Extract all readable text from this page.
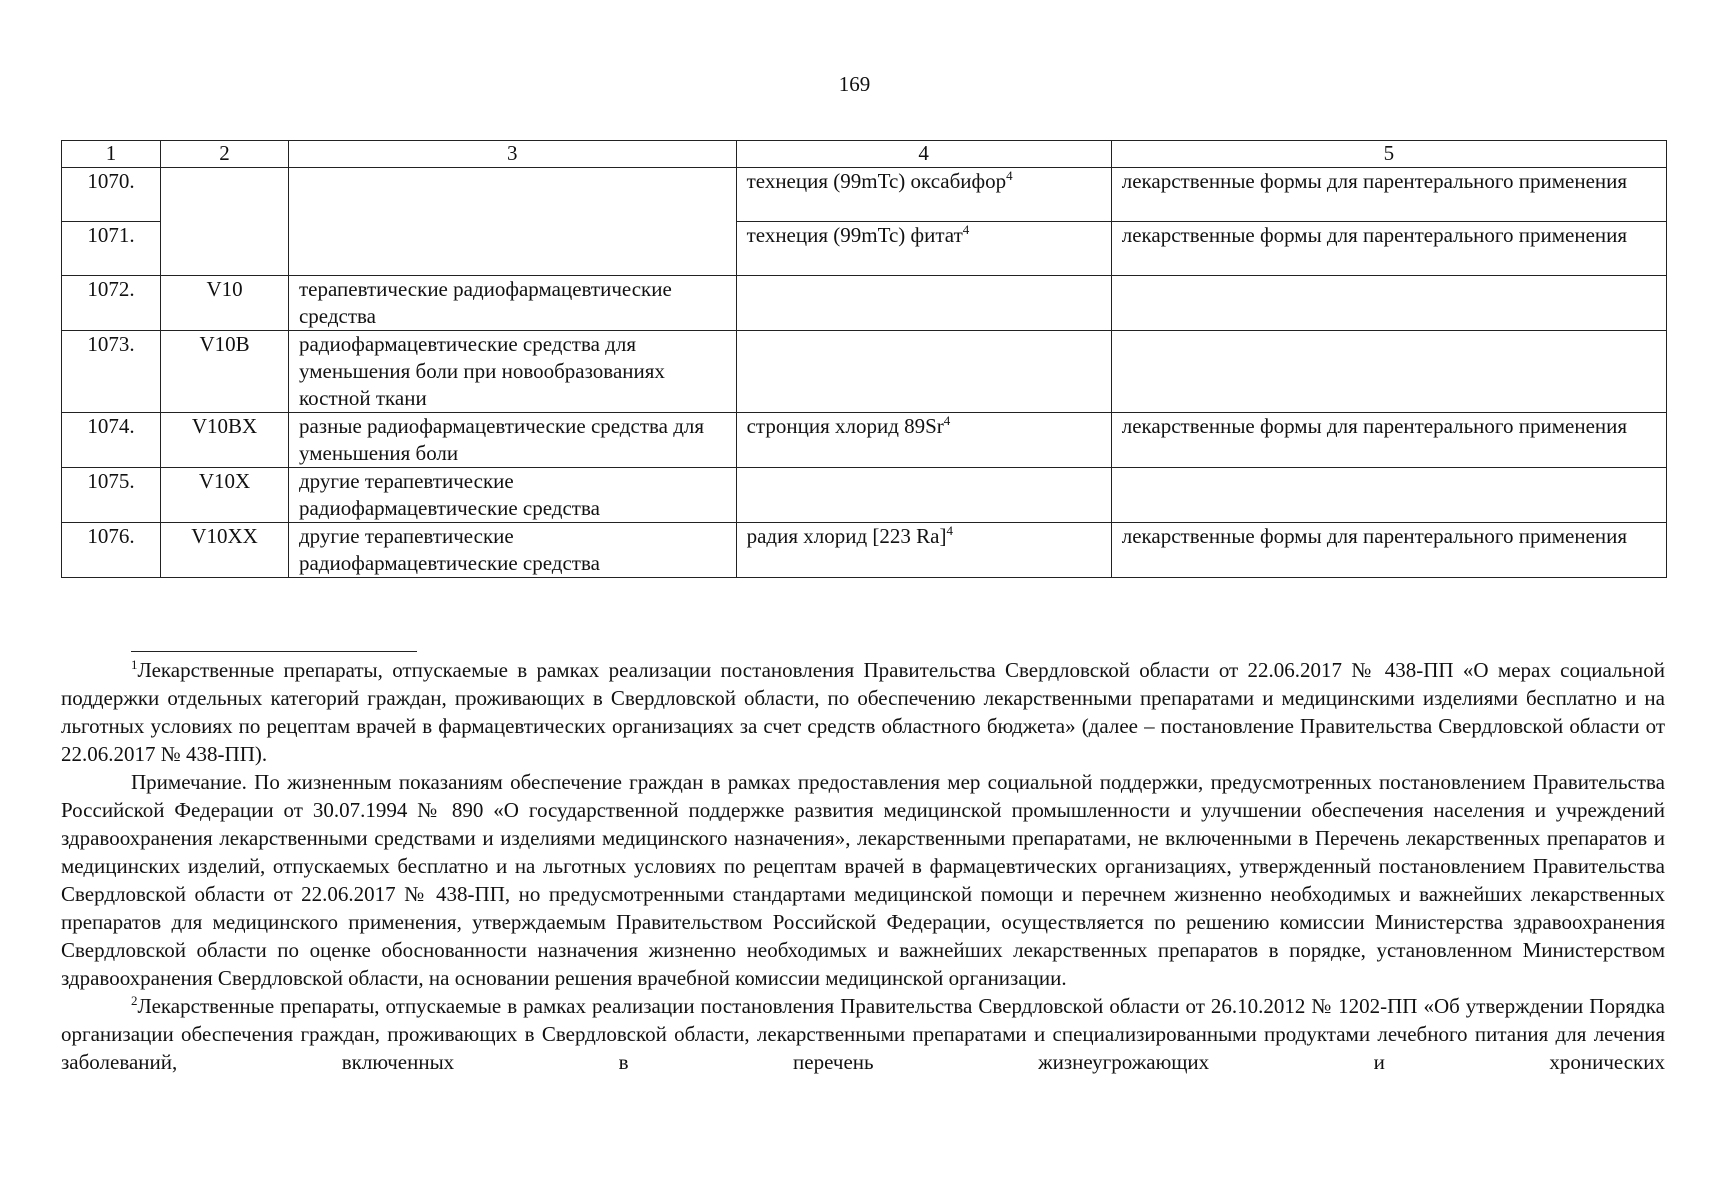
169
1	2	3	4	5
1070.			технеция (99mTc) оксабифор$^4$	лекарственные формы для парентерального применения
1071.			технеция (99mTc) фитат$^4$	лекарственные формы для парентерального применения
1072.	V10	терапевтические радиофармацевтические средства		
1073.	V10B	радиофармацевтические средства для уменьшения боли при новообразованиях костной ткани		
1074.	V10BX	разные радиофармацевтические средства для уменьшения боли	стронция хлорид 89Sr$^4$	лекарственные формы для парентерального применения
1075.	V10X	другие терапевтические радиофармацевтические средства		
1076.	V10XX	другие терапевтические радиофармацевтические средства	радия хлорид [223 Ra]$^4$	лекарственные формы для парентерального применения

$^1$Лекарственные препараты, отпускаемые в рамках реализации постановления Правительства Свердловской области от 22.06.2017 № 438-ПП «О мерах социальной поддержки отдельных категорий граждан, проживающих в Свердловской области, по обеспечению лекарственными препаратами и медицинскими изделиями бесплатно и на льготных условиях по рецептам врачей в фармацевтических организациях за счет средств областного бюджета» (далее – постановление Правительства Свердловской области от 22.06.2017 № 438-ПП).

Примечание. По жизненным показаниям обеспечение граждан в рамках предоставления мер социальной поддержки, предусмотренных постановлением Правительства Российской Федерации от 30.07.1994 № 890 «О государственной поддержке развития медицинской промышленности и улучшении обеспечения населения и учреждений здравоохранения лекарственными средствами и изделиями медицинского назначения», лекарственными препаратами, не включенными в Перечень лекарственных препаратов и медицинских изделий, отпускаемых бесплатно и на льготных условиях по рецептам врачей в фармацевтических организациях, утвержденный постановлением Правительства Свердловской области от 22.06.2017 № 438-ПП, но предусмотренными стандартами медицинской помощи и перечнем жизненно необходимых и важнейших лекарственных препаратов для медицинского применения, утверждаемым Правительством Российской Федерации, осуществляется по решению комиссии Министерства здравоохранения Свердловской области по оценке обоснованности назначения жизненно необходимых и важнейших лекарственных препаратов в порядке, установленном Министерством здравоохранения Свердловской области, на основании решения врачебной комиссии медицинской организации.

$^2$Лекарственные препараты, отпускаемые в рамках реализации постановления Правительства Свердловской области от 26.10.2012 № 1202-ПП «Об утверждении Порядка организации обеспечения граждан, проживающих в Свердловской области, лекарственными препаратами и специализированными продуктами лечебного питания для лечения заболеваний, включенных в перечень жизнеугрожающих и хронических
